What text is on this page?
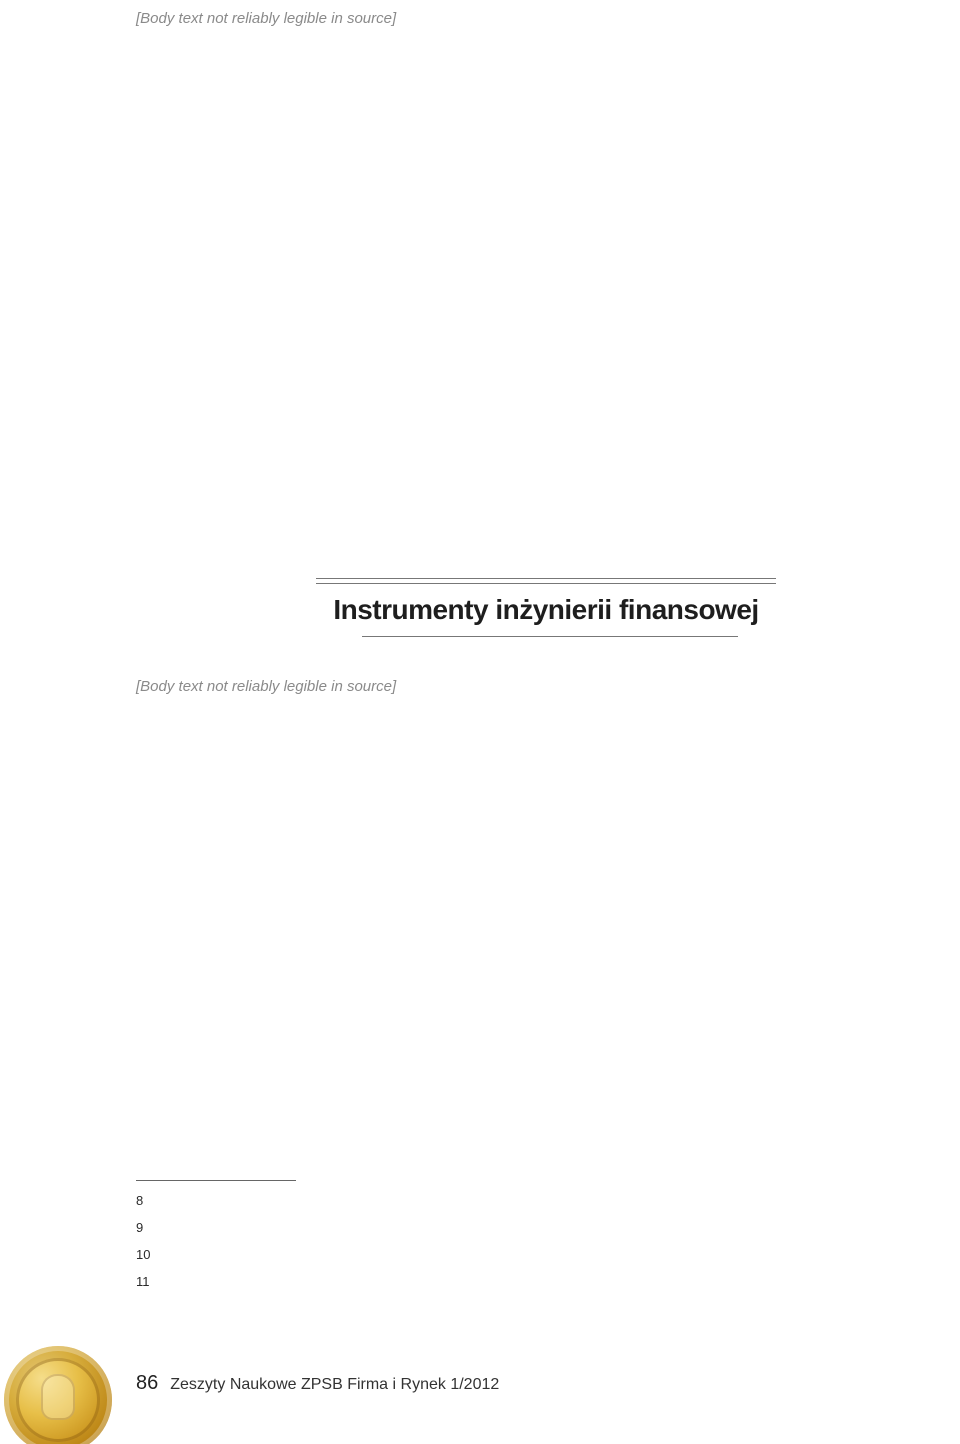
[Body text not reliably legible in source]
Instrumenty inżynierii finansowej
[Body text not reliably legible in source]
8
9
10
11
86 Zeszyty Naukowe ZPSB Firma i Rynek 1/2012
